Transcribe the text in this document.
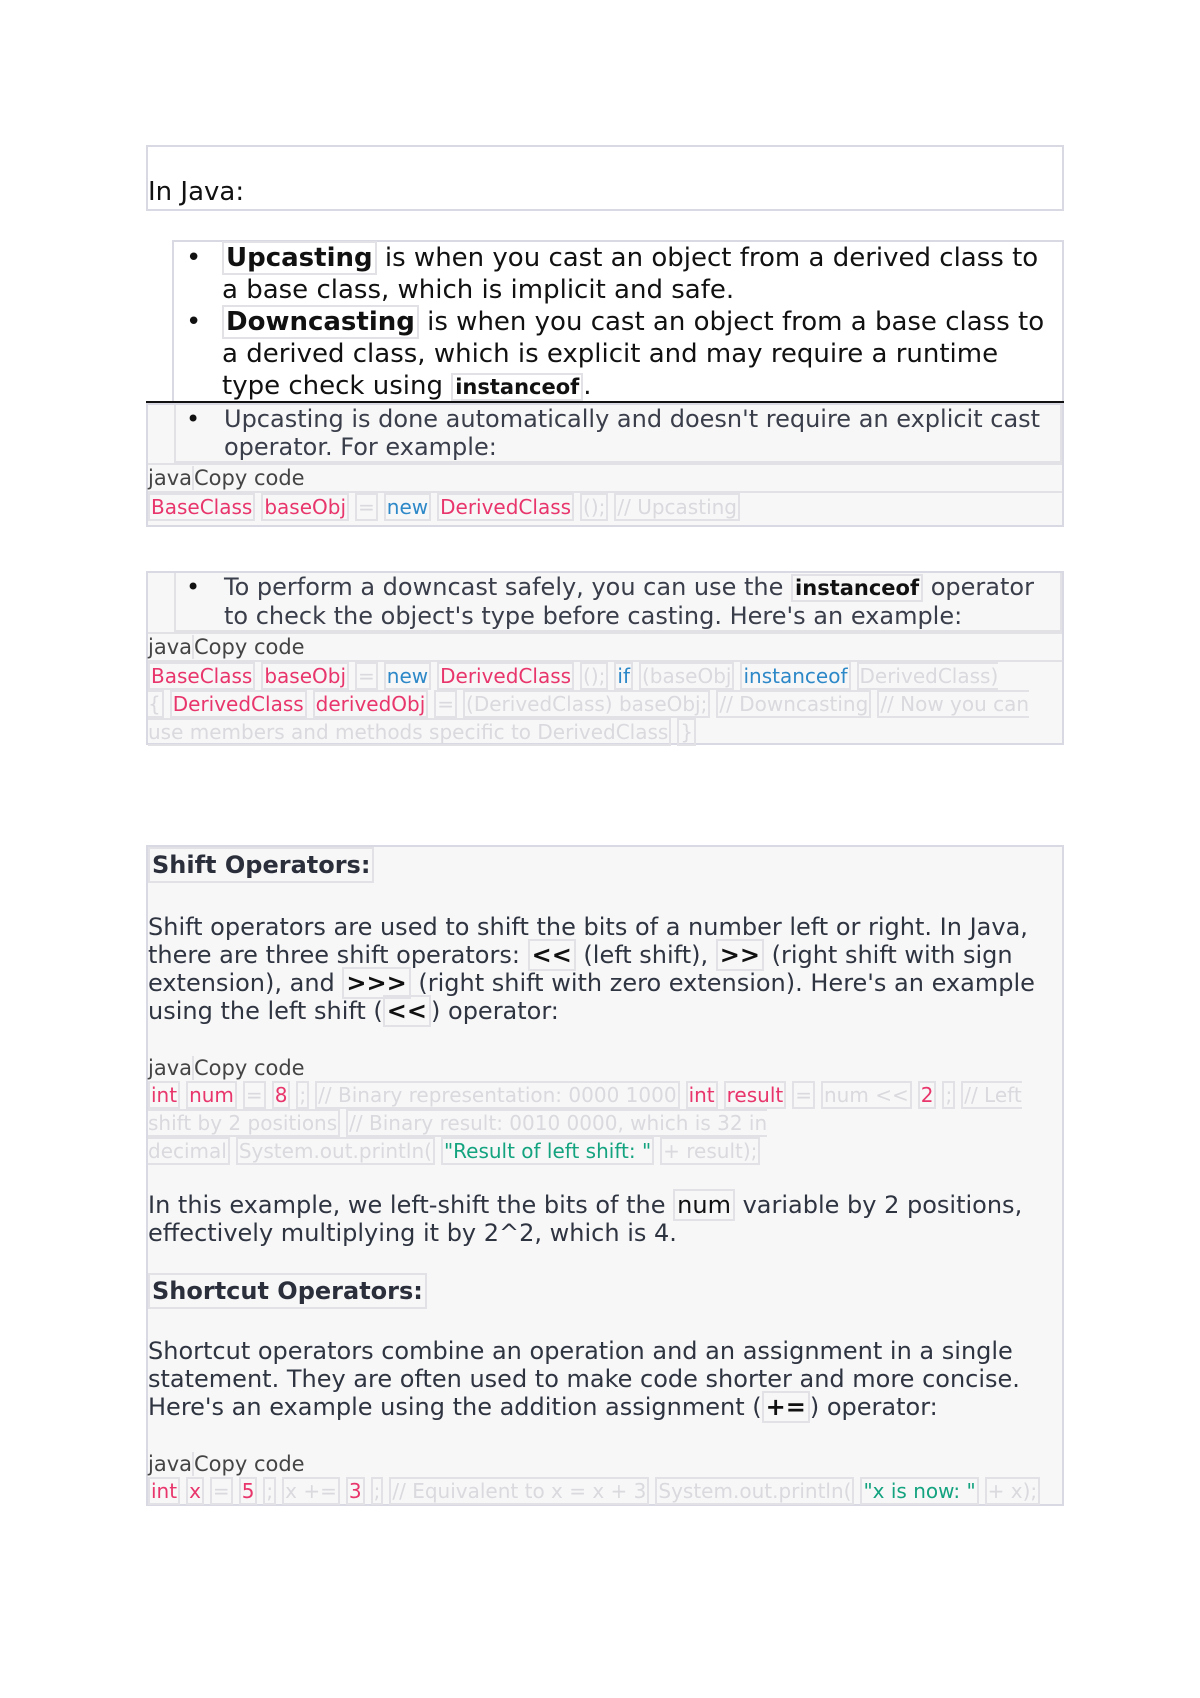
In Java:
• Upcasting is when you cast an object from a derived class to a base class, which is implicit and safe.
• Downcasting is when you cast an object from a base class to a derived class, which is explicit and may require a runtime type check using instanceof .
• Upcasting is done automatically and doesn't require an explicit cast operator. For example:
javaCopy code
BaseClass baseObj = new DerivedClass (); // Upcasting
• To perform a downcast safely, you can use the instanceof operator to check the object's type before casting. Here's an example:
javaCopy code
BaseClass baseObj = new DerivedClass (); if (baseObj instanceof DerivedClass) { DerivedClass derivedObj = (DerivedClass) baseObj; // Downcasting // Now you can use members and methods specific to DerivedClass }
Shift Operators:

Shift operators are used to shift the bits of a number left or right. In Java, there are three shift operators: << (left shift), >> (right shift with sign extension), and >>> (right shift with zero extension). Here's an example using the left shift ( << ) operator:

javaCopy code
int num = 8 ; // Binary representation: 0000 1000 int result = num << 2 ; // Left shift by 2 positions // Binary result: 0010 0000, which is 32 in decimal System.out.println( "Result of left shift: " + result);

In this example, we left-shift the bits of the num variable by 2 positions, effectively multiplying it by 2^2, which is 4.

Shortcut Operators:

Shortcut operators combine an operation and an assignment in a single statement. They are often used to make code shorter and more concise. Here's an example using the addition assignment ( += ) operator:

javaCopy code
int x = 5 ; x += 3 ; // Equivalent to x = x + 3 System.out.println( "x is now: " + x);
